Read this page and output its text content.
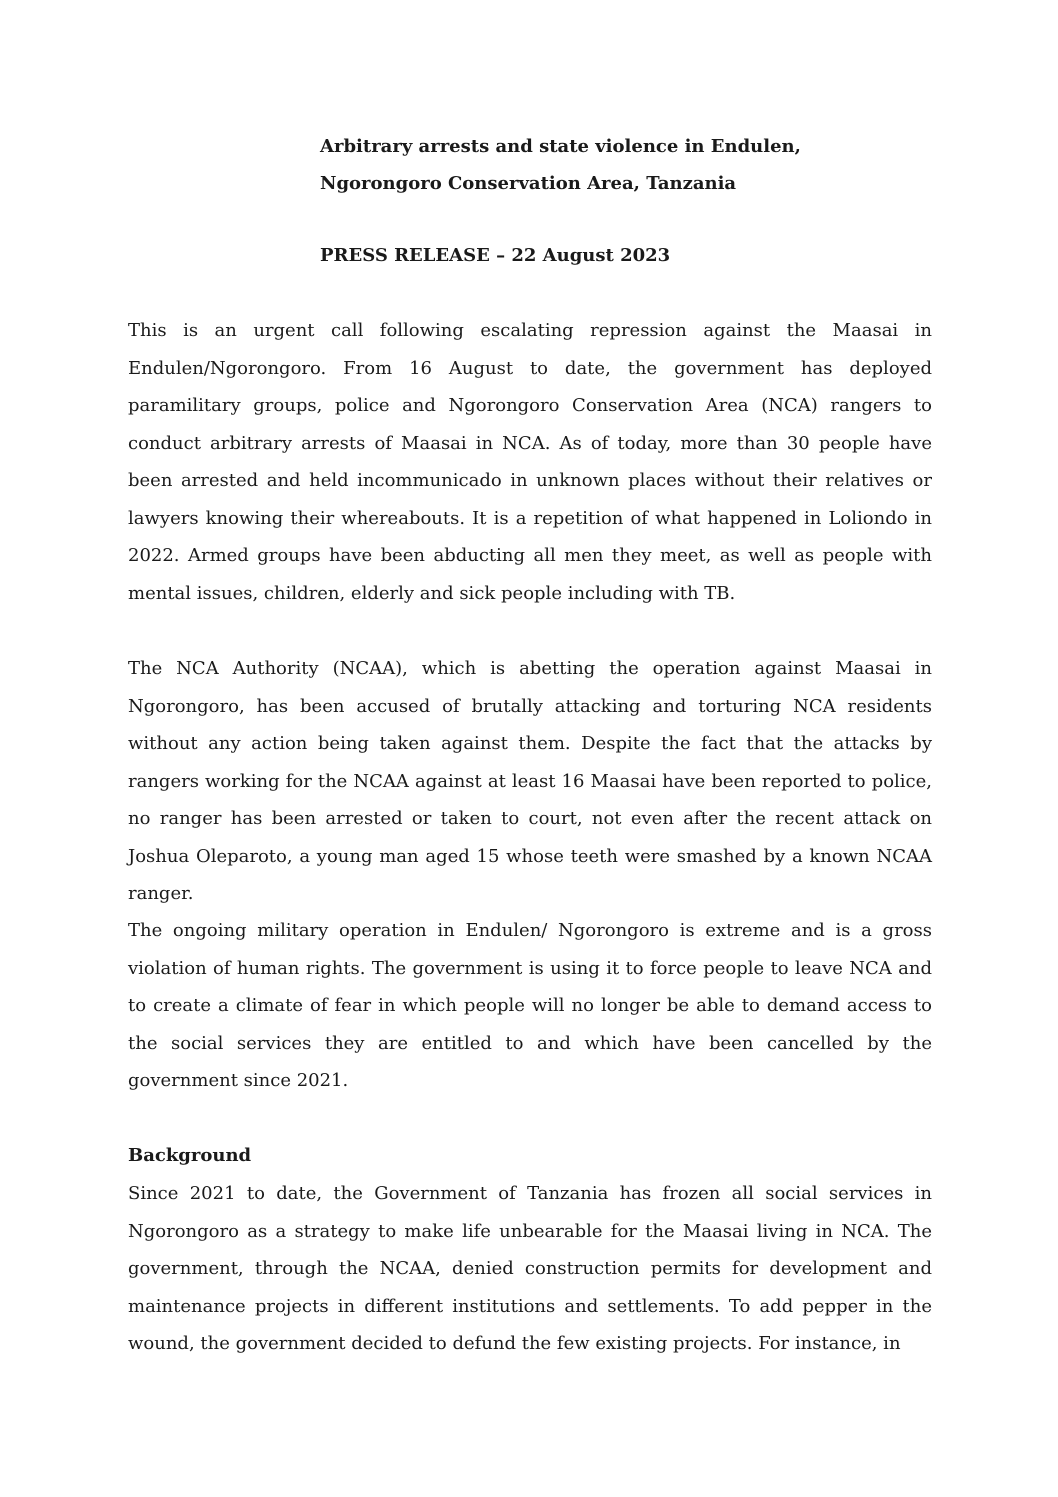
Arbitrary arrests and state violence in Endulen,
Ngorongoro Conservation Area, Tanzania
PRESS RELEASE – 22 August 2023

This is an urgent call following escalating repression against the Maasai in Endulen/Ngorongoro. From 16 August to date, the government has deployed paramilitary groups, police and Ngorongoro Conservation Area (NCA) rangers to conduct arbitrary arrests of Maasai in NCA. As of today, more than 30 people have been arrested and held incommunicado in unknown places without their relatives or lawyers knowing their whereabouts. It is a repetition of what happened in Loliondo in 2022. Armed groups have been abducting all men they meet, as well as people with mental issues, children, elderly and sick people including with TB.

The NCA Authority (NCAA), which is abetting the operation against Maasai in Ngorongoro, has been accused of brutally attacking and torturing NCA residents without any action being taken against them. Despite the fact that the attacks by rangers working for the NCAA against at least 16 Maasai have been reported to police, no ranger has been arrested or taken to court, not even after the recent attack on Joshua Oleparoto, a young man aged 15 whose teeth were smashed by a known NCAA ranger.

The ongoing military operation in Endulen/ Ngorongoro is extreme and is a gross violation of human rights. The government is using it to force people to leave NCA and to create a climate of fear in which people will no longer be able to demand access to the social services they are entitled to and which have been cancelled by the government since 2021.

Background

Since 2021 to date, the Government of Tanzania has frozen all social services in Ngorongoro as a strategy to make life unbearable for the Maasai living in NCA. The government, through the NCAA, denied construction permits for development and maintenance projects in different institutions and settlements. To add pepper in the wound, the government decided to defund the few existing projects. For instance, in
